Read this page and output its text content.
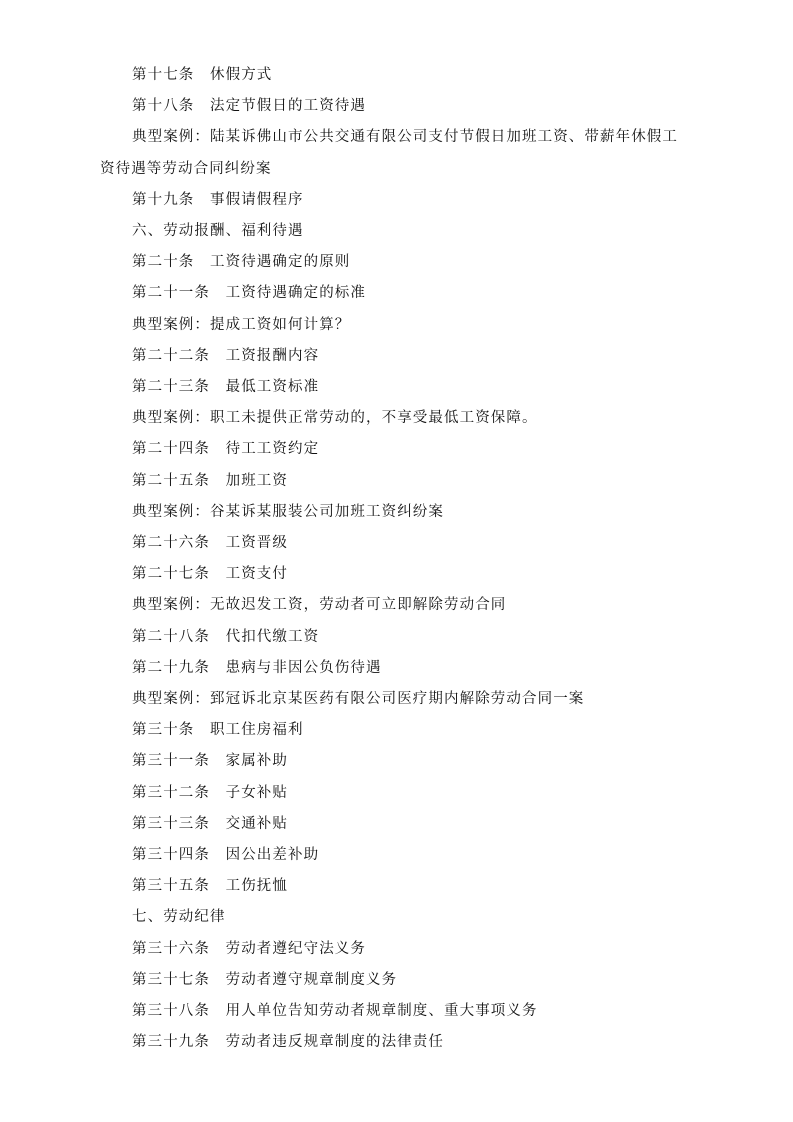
第十七条　休假方式
第十八条　法定节假日的工资待遇
典型案例：陆某诉佛山市公共交通有限公司支付节假日加班工资、带薪年休假工
资待遇等劳动合同纠纷案
第十九条　事假请假程序
六、劳动报酬、福利待遇
第二十条　工资待遇确定的原则
第二十一条　工资待遇确定的标准
典型案例：提成工资如何计算？
第二十二条　工资报酬内容
第二十三条　最低工资标准
典型案例：职工未提供正常劳动的，不享受最低工资保障。
第二十四条　待工工资约定
第二十五条　加班工资
典型案例：谷某诉某服装公司加班工资纠纷案
第二十六条　工资晋级
第二十七条　工资支付
典型案例：无故迟发工资，劳动者可立即解除劳动合同
第二十八条　代扣代缴工资
第二十九条　患病与非因公负伤待遇
典型案例：郅冠诉北京某医药有限公司医疗期内解除劳动合同一案
第三十条　职工住房福利
第三十一条　家属补助
第三十二条　子女补贴
第三十三条　交通补贴
第三十四条　因公出差补助
第三十五条　工伤抚恤
七、劳动纪律
第三十六条　劳动者遵纪守法义务
第三十七条　劳动者遵守规章制度义务
第三十八条　用人单位告知劳动者规章制度、重大事项义务
第三十九条　劳动者违反规章制度的法律责任
